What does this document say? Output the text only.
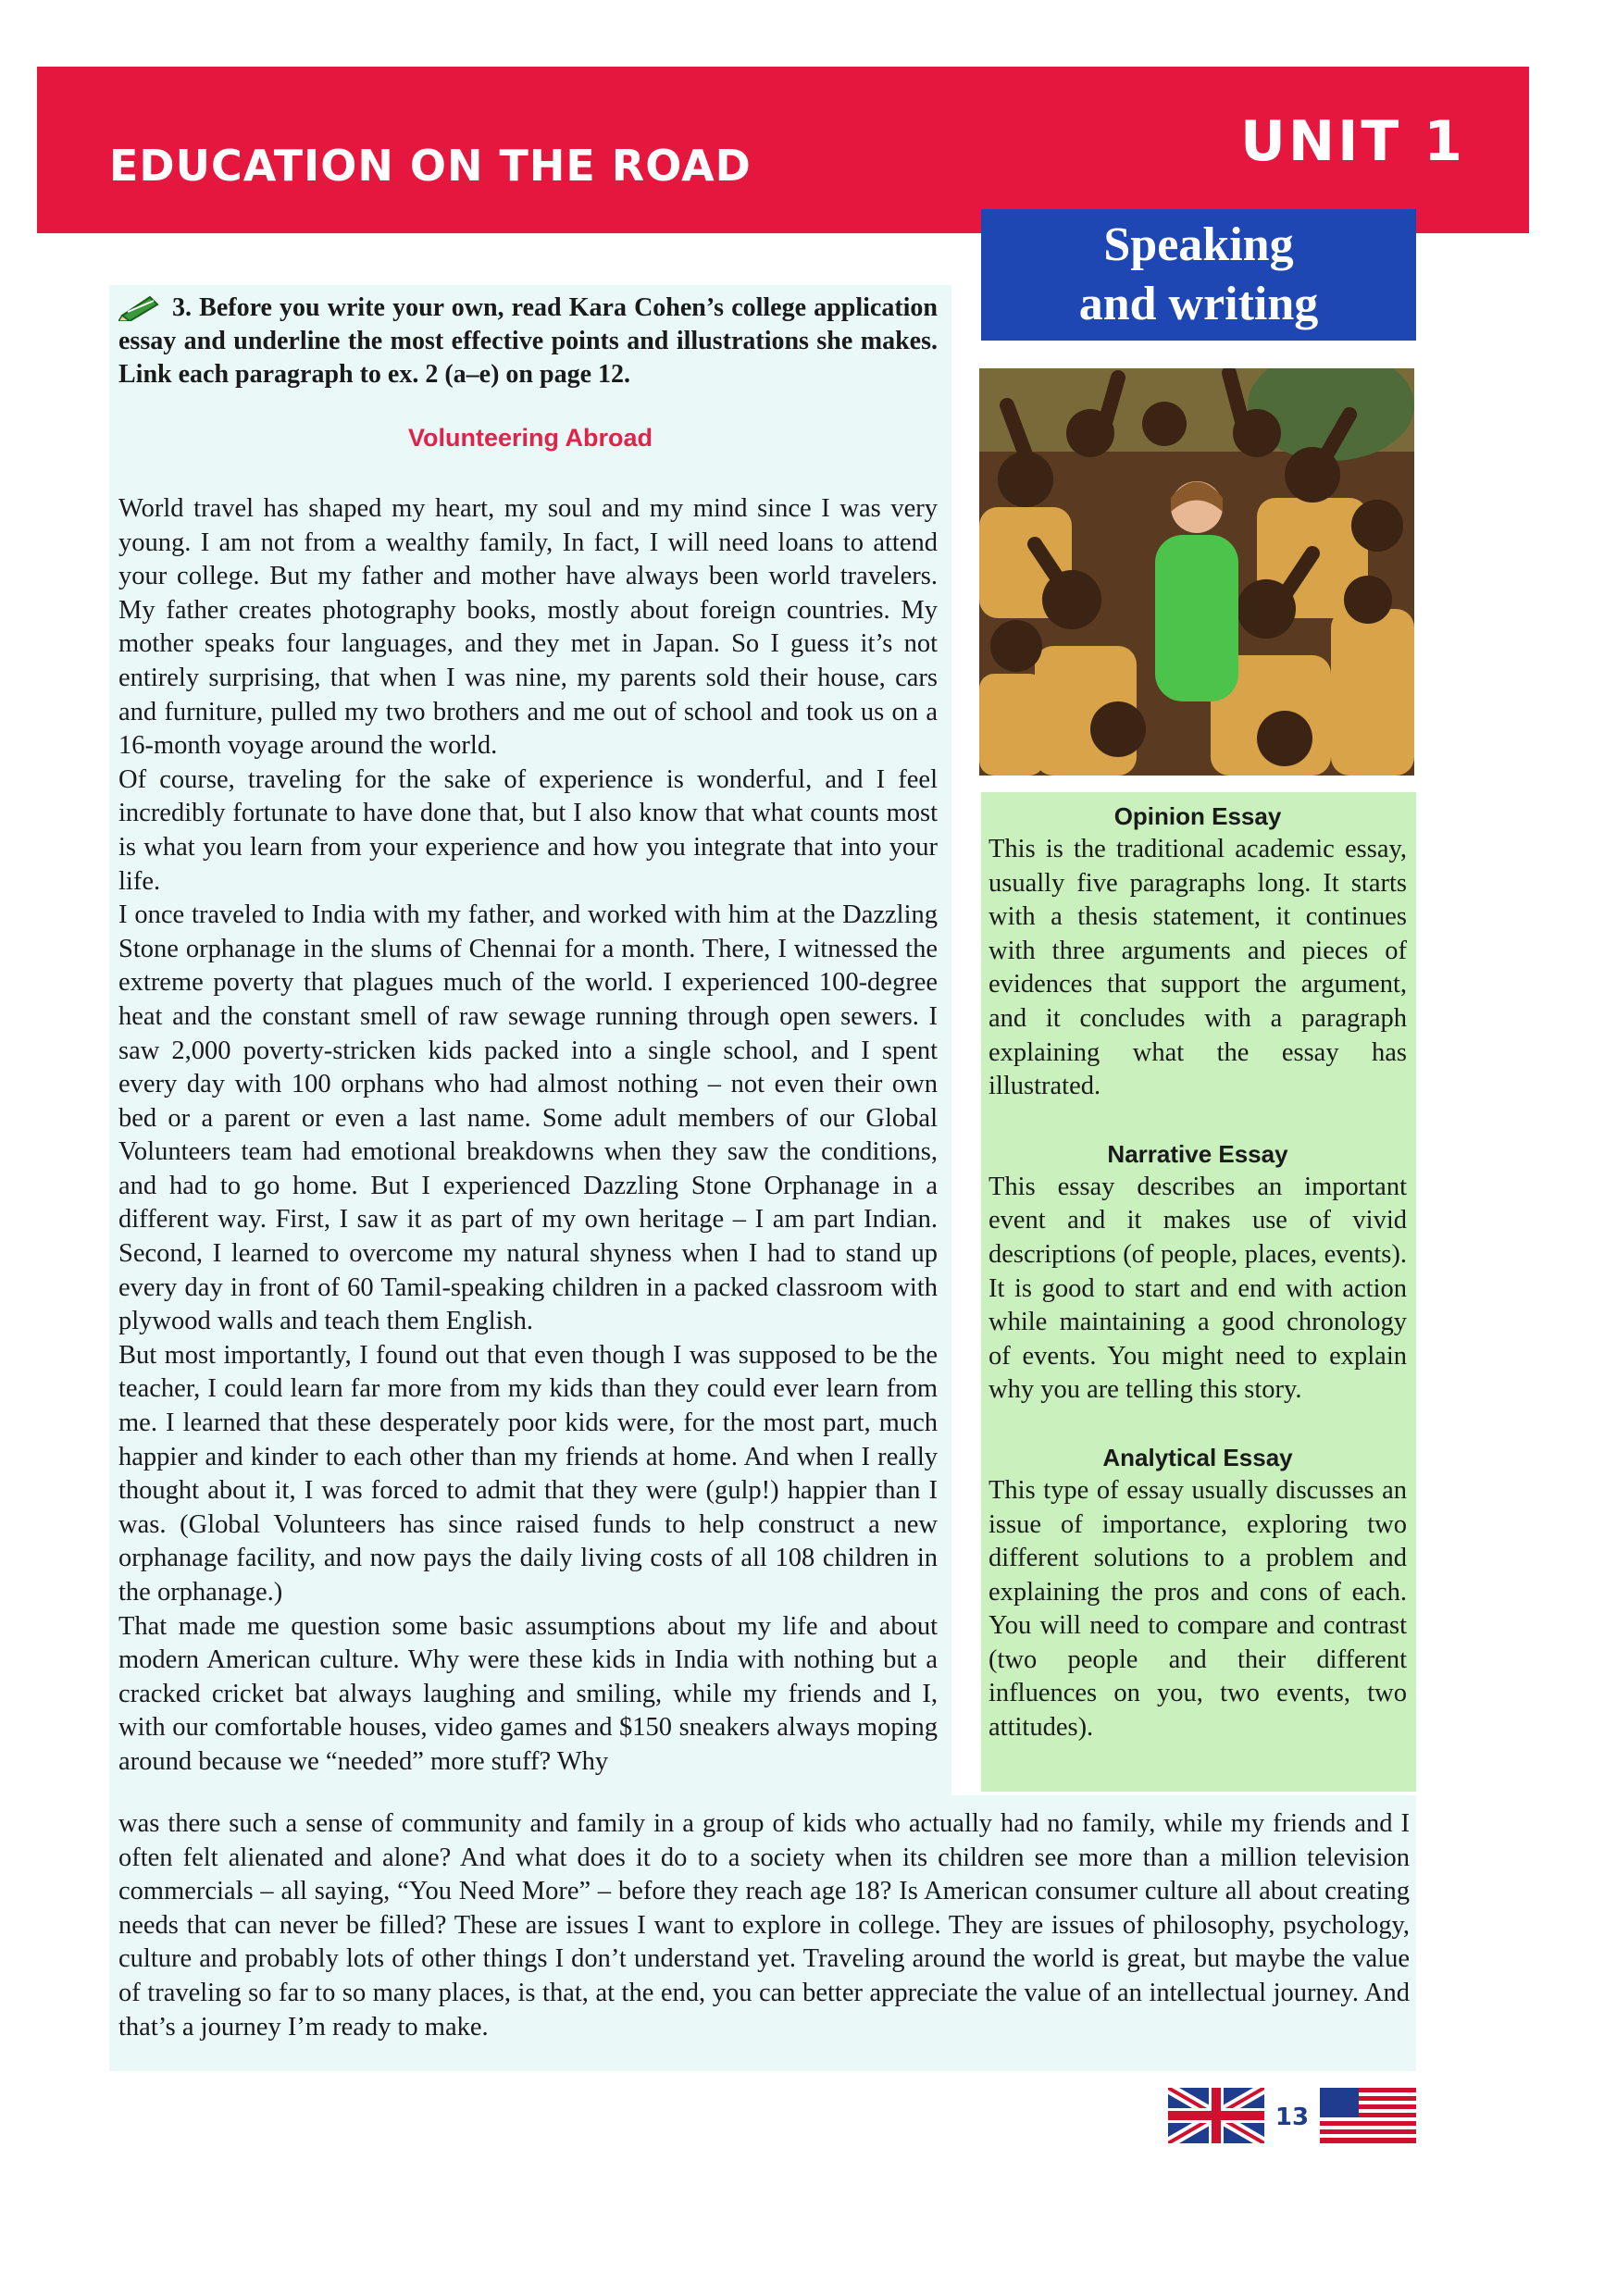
UNIT 1
EDUCATION ON THE ROAD
Speaking
and writing
3. Before you write your own, read Kara Cohen’s college application essay and underline the most effective points and illustrations she makes. Link each paragraph to ex. 2 (a–e) on page 12.
Volunteering Abroad

World travel has shaped my heart, my soul and my mind since I was very young. I am not from a wealthy family, In fact, I will need loans to attend your college. But my father and mother have always been world travelers. My father creates photography books, mostly about foreign countries. My mother speaks four languages, and they met in Japan. So I guess it’s not entirely surprising, that when I was nine, my parents sold their house, cars and furniture, pulled my two brothers and me out of school and took us on a 16-month voyage around the world.

Of course, traveling for the sake of experience is wonderful, and I feel incredibly fortunate to have done that, but I also know that what counts most is what you learn from your experience and how you integrate that into your life.

I once traveled to India with my father, and worked with him at the Dazzling Stone orphanage in the slums of Chennai for a month. There, I witnessed the extreme poverty that plagues much of the world. I experienced 100-degree heat and the constant smell of raw sewage running through open sewers. I saw 2,000 poverty-stricken kids packed into a single school, and I spent every day with 100 orphans who had almost nothing – not even their own bed or a parent or even a last name. Some adult members of our Global Volunteers team had emotional breakdowns when they saw the conditions, and had to go home. But I experienced Dazzling Stone Orphanage in a different way. First, I saw it as part of my own heritage – I am part Indian. Second, I learned to overcome my natural shyness when I had to stand up every day in front of 60 Tamil-speaking children in a packed classroom with plywood walls and teach them English.

But most importantly, I found out that even though I was supposed to be the teacher, I could learn far more from my kids than they could ever learn from me. I learned that these desperately poor kids were, for the most part, much happier and kinder to each other than my friends at home. And when I really thought about it, I was forced to admit that they were (gulp!) happier than I was. (Global Volunteers has since raised funds to help construct a new orphanage facility, and now pays the daily living costs of all 108 children in the orphanage.)

That made me question some basic assumptions about my life and about modern American culture. Why were these kids in India with nothing but a cracked cricket bat always laughing and smiling, while my friends and I, with our comfortable houses, video games and $150 sneakers always moping around because we “needed” more stuff? Why

was there such a sense of community and family in a group of kids who actually had no family, while my friends and I often felt alienated and alone? And what does it do to a society when its children see more than a million television commercials – all saying, “You Need More” – before they reach age 18? Is American consumer culture all about creating needs that can never be filled? These are issues I want to explore in college. They are issues of philosophy, psychology, culture and probably lots of other things I don’t understand yet. Traveling around the world is great, but maybe the value of traveling so far to so many places, is that, at the end, you can better appreciate the value of an intellectual journey. And that’s a journey I’m ready to make.

Opinion Essay

This is the traditional academic essay, usually five paragraphs long. It starts with a thesis statement, it continues with three arguments and pieces of evidences that support the argument, and it concludes with a paragraph explaining what the essay has illustrated.

Narrative Essay

This essay describes an important event and it makes use of vivid descriptions (of people, places, events). It is good to start and end with action while maintaining a good chronology of events. You might need to explain why you are telling this story.

Analytical Essay

This type of essay usually discusses an issue of importance, exploring two different solutions to a problem and explaining the pros and cons of each. You will need to compare and contrast (two people and their different influences on you, two events, two attitudes).

13
